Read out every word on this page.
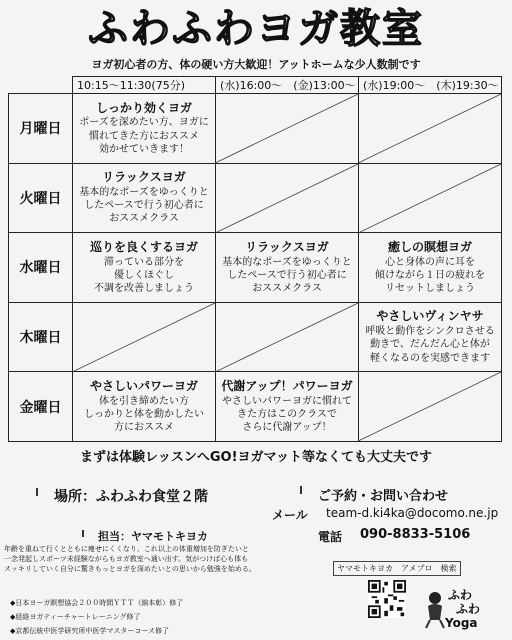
ふわふわヨガ教室
ヨガ初心者の方、体の硬い方大歓迎！アットホームな少人数制です
	10:15〜11:30(75分)	(水)16:00〜　(金)13:00〜	(水)19:00〜　(木)19:30〜
月曜日	しっかり効くヨガ
ポーズを深めたい方、ヨガに
慣れてきた方におススメ
効かせていきます！

火曜日	リラックスヨガ
基本的なポーズをゆっくりと
したペースで行う初心者に
おススメクラス

水曜日	巡りを良くするヨガ
滞っている部分を
優しくほぐし
不調を改善しましょう	リラックスヨガ
基本的なポーズをゆっくりと
したペースで行う初心者に
おススメクラス	癒しの瞑想ヨガ
心と身体の声に耳を
傾けながら１日の疲れを
リセットしましょう

木曜日			やさしいヴィンヤサ
呼吸と動作をシンクロさせる
動きで、だんだん心と体が
軽くなるのを実感できます

金曜日	やさしいパワーヨガ
体を引き締めたい方
しっかりと体を動かしたい
方におススメ	代謝アップ！パワーヨガ
やさしいパワーヨガに慣れて
きた方はこのクラスで
さらに代謝アップ！

まずは体験レッスンへGO!ヨガマット等なくても大丈夫です
場所：ふわふわ食堂２階	ご予約・お問い合わせ
メール team-d.ki4ka@docomo.ne.jp
電話 090-8833-5106
担当：ヤマモトキヨカ
年齢を重ねて行くとともに痩せにくくなり、これ以上の体重増加を防ぎたいと
一念発起しスポーツ未経験ながらもヨガ教室へ通い出す。気がつけば心も体も
スッキリしていく自分に驚きもっとヨガを深めたいとの思いから勉強を始める。
◆日本ヨーガ瞑想協会２００時間ＹＴＴ（綿本彰）修了
◆経絡ヨガティーチャートレーニング修了
◆京都伝統中医学研究所中医学マスターコース修了
ヤマモトキヨカ　アメブロ　検索
ふわ
ふわ
Yoga
